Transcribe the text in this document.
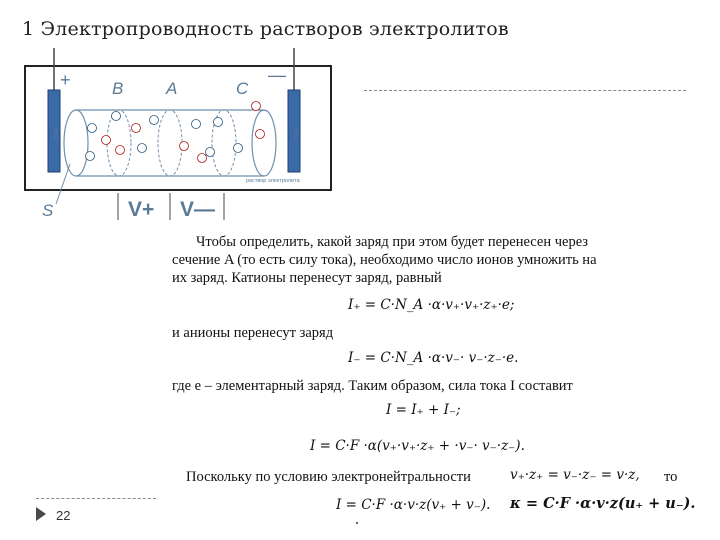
1 Электропроводность растворов электролитов
Sisiz	Voz
+	—
B	A	C
раствор электролита
S	V+ V—
Чтобы определить, какой заряд при этом будет перенесен через
сечение A (то есть силу тока), необходимо число ионов умножить на
их заряд. Катионы перенесут заряд, равный
I₊ = C·N_A ·α·v₊·v₊·z₊·e;
и анионы перенесут заряд
I₋ = C·N_A ·α·v₋· v₋·z₋·e.
где e – элементарный заряд. Таким образом, сила тока I составит
I = I₊ + I₋;
I = C·F ·α(v₊·v₊·z₊ + ·v₋· v₋·z₋).
Поскольку по условию электронейтральности	v₊·z₊ = v₋·z₋ = v·z, то
I = C·F ·α·v·z(v₊ + v₋). κ = C·F ·α·v·z(u₊ + u₋).
22
